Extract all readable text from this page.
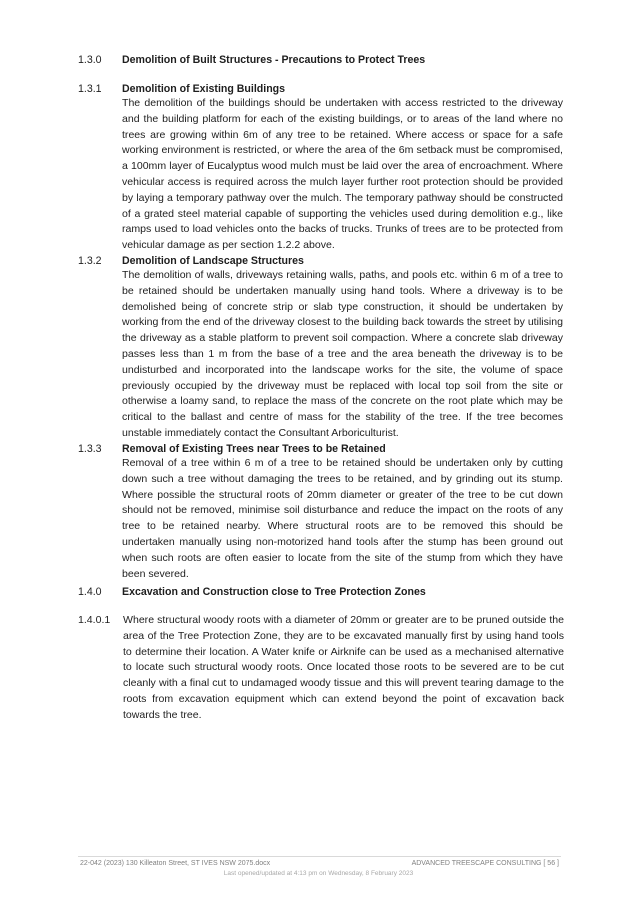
1.3.0	Demolition of Built Structures - Precautions to Protect Trees
1.3.1	Demolition of Existing Buildings
The demolition of the buildings should be undertaken with access restricted to the driveway and the building platform for each of the existing buildings, or to areas of the land where no trees are growing within 6m of any tree to be retained. Where access or space for a safe working environment is restricted, or where the area of the 6m setback must be compromised, a 100mm layer of Eucalyptus wood mulch must be laid over the area of encroachment. Where vehicular access is required across the mulch layer further root protection should be provided by laying a temporary pathway over the mulch. The temporary pathway should be constructed of a grated steel material capable of supporting the vehicles used during demolition e.g., like ramps used to load vehicles onto the backs of trucks. Trunks of trees are to be protected from vehicular damage as per section 1.2.2 above.
1.3.2	Demolition of Landscape Structures
The demolition of walls, driveways retaining walls, paths, and pools etc. within 6 m of a tree to be retained should be undertaken manually using hand tools. Where a driveway is to be demolished being of concrete strip or slab type construction, it should be undertaken by working from the end of the driveway closest to the building back towards the street by utilising the driveway as a stable platform to prevent soil compaction. Where a concrete slab driveway passes less than 1 m from the base of a tree and the area beneath the driveway is to be undisturbed and incorporated into the landscape works for the site, the volume of space previously occupied by the driveway must be replaced with local top soil from the site or otherwise a loamy sand, to replace the mass of the concrete on the root plate which may be critical to the ballast and centre of mass for the stability of the tree. If the tree becomes unstable immediately contact the Consultant Arboriculturist.
1.3.3	Removal of Existing Trees near Trees to be Retained
Removal of a tree within 6 m of a tree to be retained should be undertaken only by cutting down such a tree without damaging the trees to be retained, and by grinding out its stump. Where possible the structural roots of 20mm diameter or greater of the tree to be cut down should not be removed, minimise soil disturbance and reduce the impact on the roots of any tree to be retained nearby. Where structural roots are to be removed this should be undertaken manually using non-motorized hand tools after the stump has been ground out when such roots are often easier to locate from the site of the stump from which they have been severed.
1.4.0	Excavation and Construction close to Tree Protection Zones
1.4.0.1	Where structural woody roots with a diameter of 20mm or greater are to be pruned outside the area of the Tree Protection Zone, they are to be excavated manually first by using hand tools to determine their location. A Water knife or Airknife can be used as a mechanised alternative to locate such structural woody roots. Once located those roots to be severed are to be cut cleanly with a final cut to undamaged woody tissue and this will prevent tearing damage to the roots from excavation equipment which can extend beyond the point of excavation back towards the tree.
22-042 (2023) 130 Killeaton Street, ST IVES NSW 2075.docx	ADVANCED TREESCAPE CONSULTING [ 56 ]
Last opened/updated at 4:13 pm on Wednesday, 8 February 2023
